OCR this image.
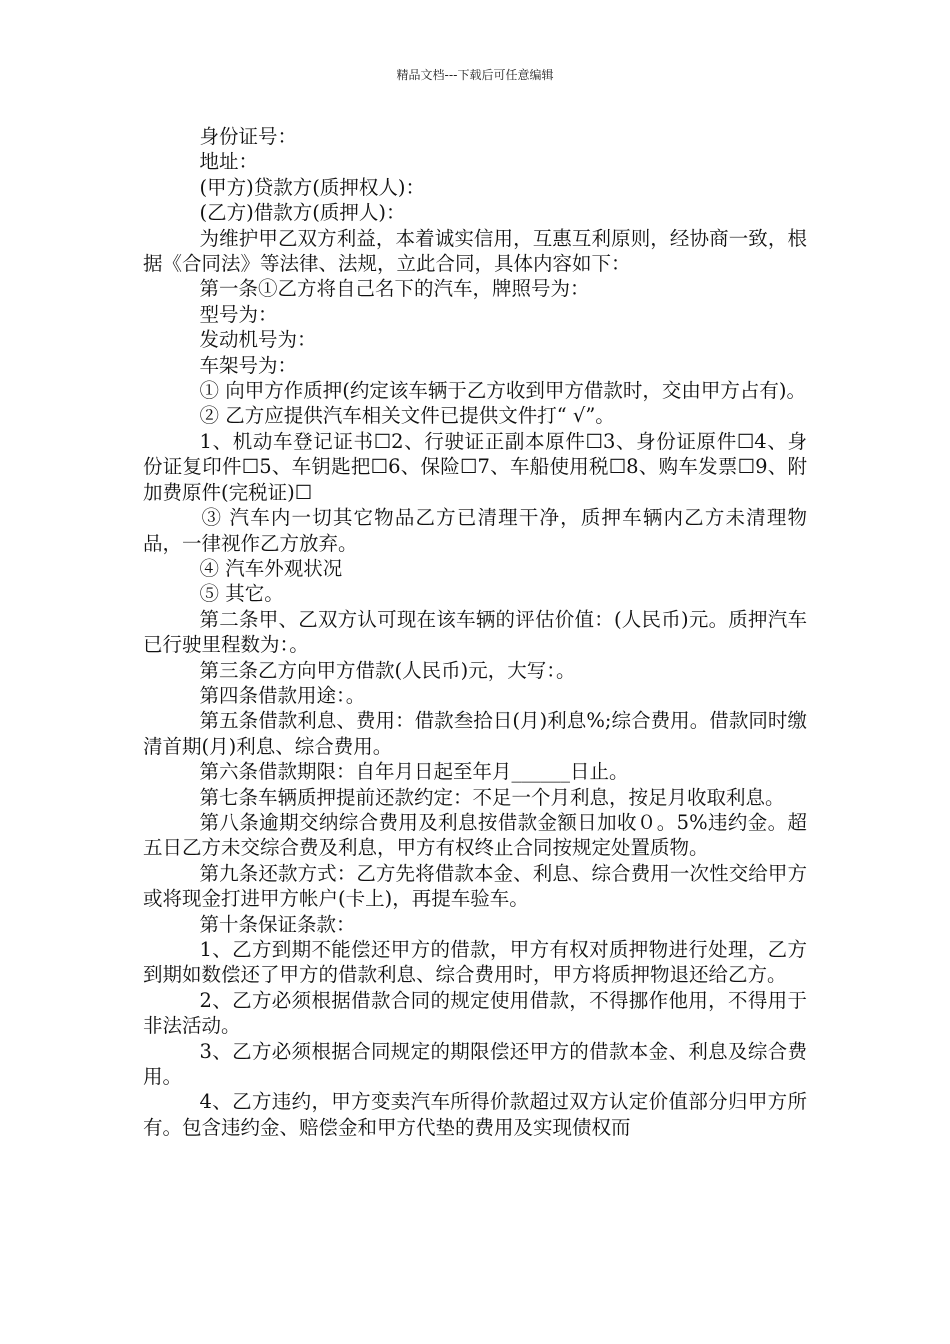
精品文档---下载后可任意编辑

身份证号：

地址：

(甲方)贷款方(质押权人)：

(乙方)借款方(质押人)：

为维护甲乙双方利益，本着诚实信用，互惠互利原则，经协商一致，根据《合同法》等法律、法规，立此合同，具体内容如下：

第一条①乙方将自己名下的汽车，牌照号为：

型号为：

发动机号为：

车架号为：

① 向甲方作质押(约定该车辆于乙方收到甲方借款时，交由甲方占有)。

② 乙方应提供汽车相关文件已提供文件打“ √”。

1、机动车登记证书☐2、行驶证正副本原件☐3、身份证原件☐4、身份证复印件☐5、车钥匙把☐6、保险☐7、车船使用税☐8、购车发票☐9、附加费原件(完税证)☐

③ 汽车内一切其它物品乙方已清理干净，质押车辆内乙方未清理物品，一律视作乙方放弃。

④ 汽车外观状况

⑤ 其它。

第二条甲、乙双方认可现在该车辆的评估价值：(人民币)元。质押汽车已行驶里程数为：。

第三条乙方向甲方借款(人民币)元，大写：。

第四条借款用途：。

第五条借款利息、费用：借款叁拾日(月)利息%;综合费用。借款同时缴清首期(月)利息、综合费用。

第六条借款期限：自年月日起至年月______日止。

第七条车辆质押提前还款约定：不足一个月利息，按足月收取利息。

第八条逾期交纳综合费用及利息按借款金额日加收０。5%违约金。超五日乙方未交综合费及利息，甲方有权终止合同按规定处置质物。

第九条还款方式：乙方先将借款本金、利息、综合费用一次性交给甲方或将现金打进甲方帐户(卡上)，再提车验车。

第十条保证条款：

1、乙方到期不能偿还甲方的借款，甲方有权对质押物进行处理，乙方到期如数偿还了甲方的借款利息、综合费用时，甲方将质押物退还给乙方。

2、乙方必须根据借款合同的规定使用借款，不得挪作他用，不得用于非法活动。

3、乙方必须根据合同规定的期限偿还甲方的借款本金、利息及综合费用。

4、乙方违约，甲方变卖汽车所得价款超过双方认定价值部分归甲方所有。包含违约金、赔偿金和甲方代垫的费用及实现债权而
